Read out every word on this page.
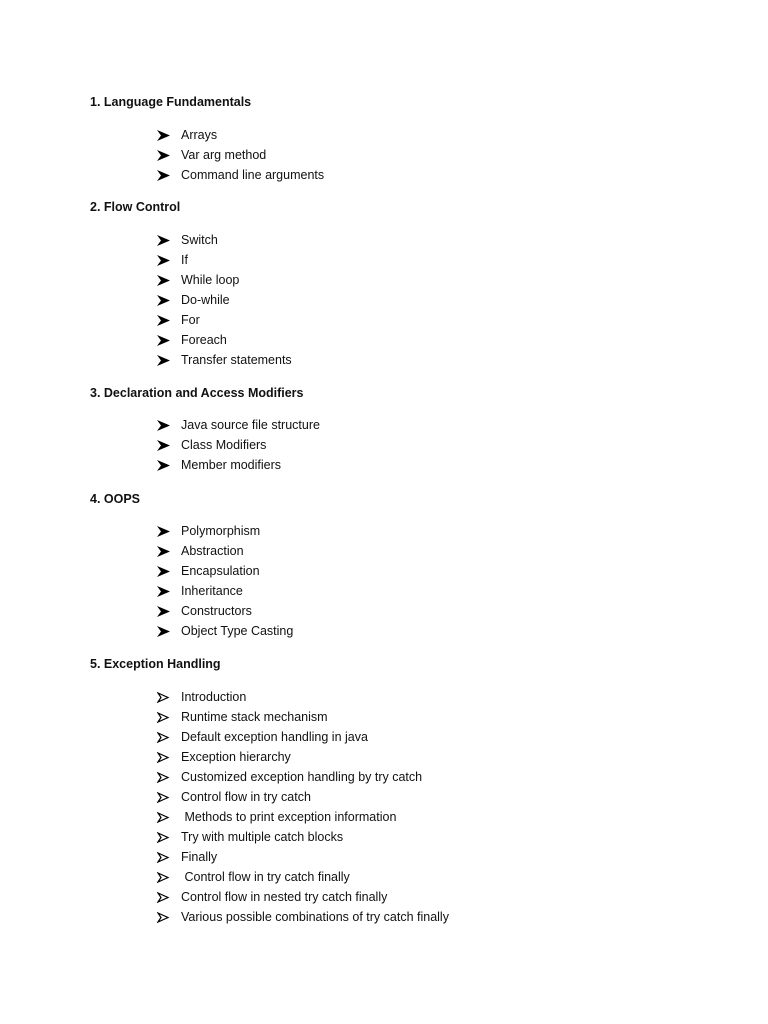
1. Language Fundamentals
Arrays
Var arg method
Command line arguments
2. Flow Control
Switch
If
While loop
Do-while
For
Foreach
Transfer statements
3. Declaration and Access Modifiers
Java source file structure
Class Modifiers
Member modifiers
4. OOPS
Polymorphism
Abstraction
Encapsulation
Inheritance
Constructors
Object Type Casting
5. Exception Handling
Introduction
Runtime stack mechanism
Default exception handling in java
Exception hierarchy
Customized exception handling by try catch
Control flow in try catch
Methods to print exception information
Try with multiple catch blocks
Finally
Control flow in try catch finally
Control flow in nested try catch finally
Various possible combinations of try catch finally
